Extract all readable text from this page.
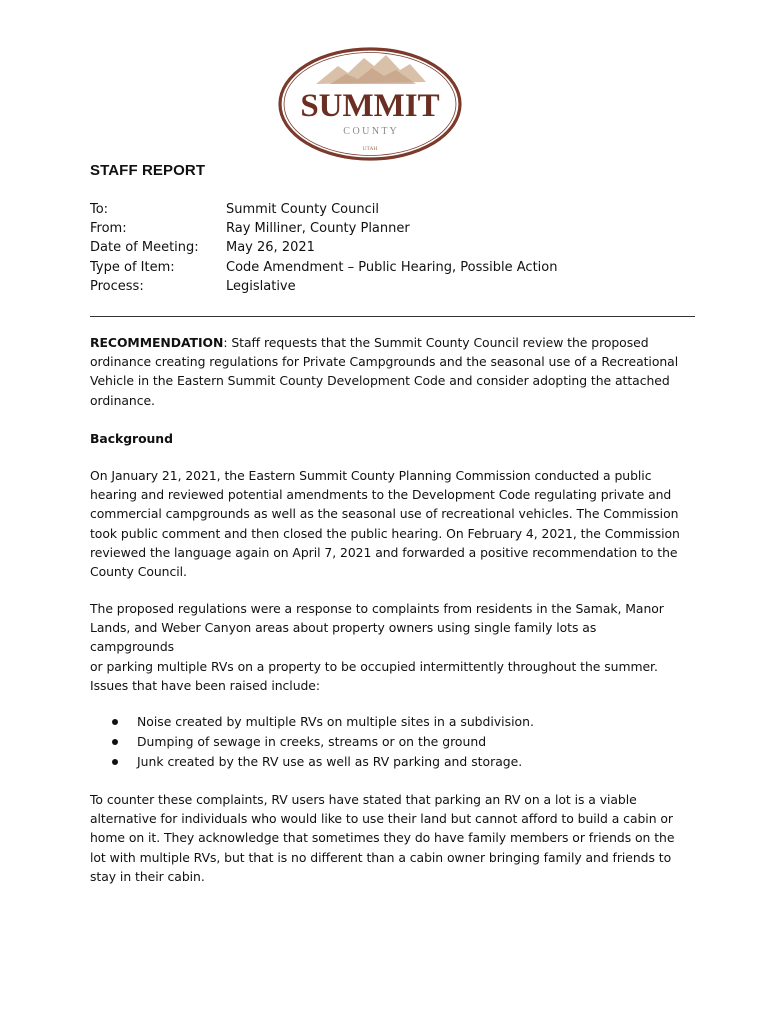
SUMMIT
C O U N T Y
UTAH
STAFF REPORT
To:	Summit County Council
From:	Ray Milliner, County Planner
Date of Meeting: May 26, 2021
Type of Item:	Code Amendment – Public Hearing, Possible Action
Process:	Legislative

RECOMMENDATION: Staff requests that the Summit County Council review the proposed

ordinance creating regulations for Private Campgrounds and the seasonal use of a Recreational

Vehicle in the Eastern Summit County Development Code and consider adopting the attached

ordinance.

Background

On January 21, 2021, the Eastern Summit County Planning Commission conducted a public

hearing and reviewed potential amendments to the Development Code regulating private and

commercial campgrounds as well as the seasonal use of recreational vehicles. The Commission

took public comment and then closed the public hearing. On February 4, 2021, the Commission

reviewed the language again on April 7, 2021 and forwarded a positive recommendation to the

County Council.

The proposed regulations were a response to complaints from residents in the Samak, Manor

Lands, and Weber Canyon areas about property owners using single family lots as campgrounds

or parking multiple RVs on a property to be occupied intermittently throughout the summer.

Issues that have been raised include:
Noise created by multiple RVs on multiple sites in a subdivision.
Dumping of sewage in creeks, streams or on the ground
Junk created by the RV use as well as RV parking and storage.

To counter these complaints, RV users have stated that parking an RV on a lot is a viable

alternative for individuals who would like to use their land but cannot afford to build a cabin or

home on it. They acknowledge that sometimes they do have family members or friends on the

lot with multiple RVs, but that is no different than a cabin owner bringing family and friends to

stay in their cabin.
